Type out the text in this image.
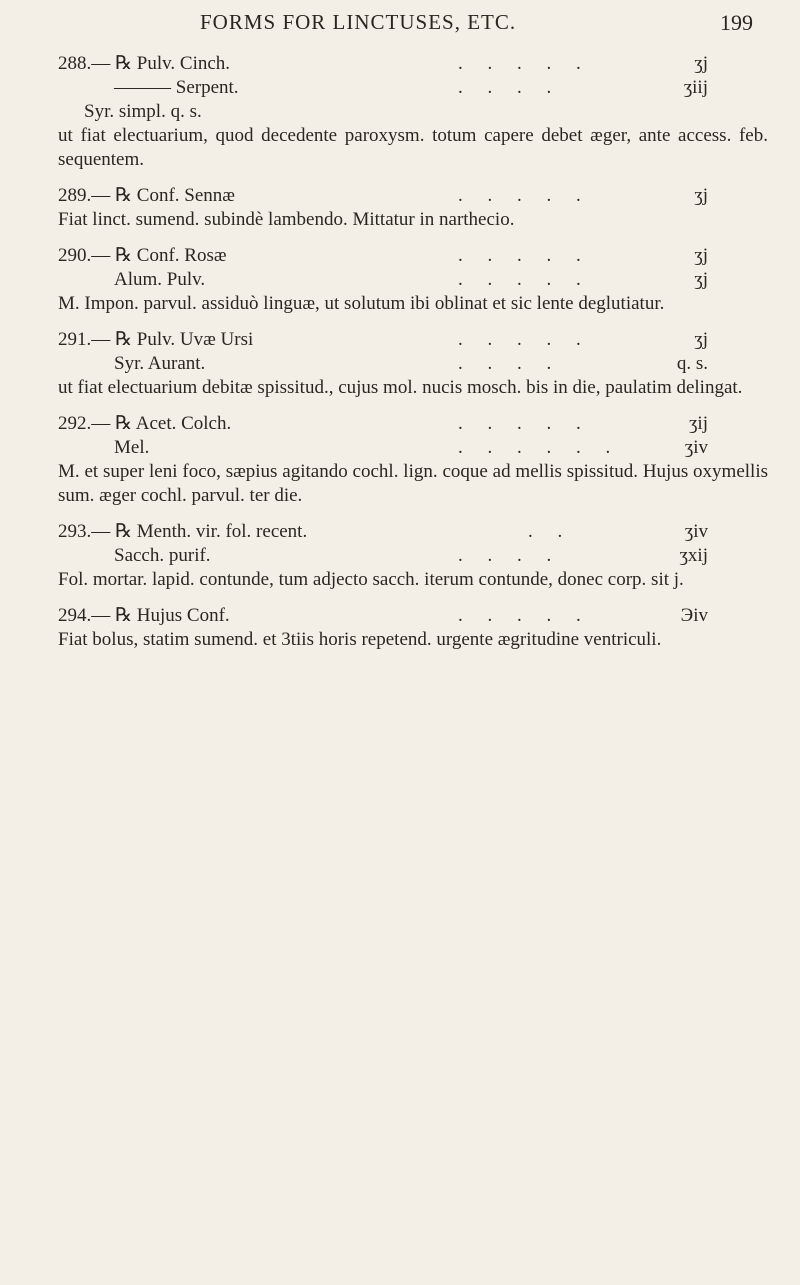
FORMS FOR LINCTUSES, ETC.	199
288.— ℞ Pulv. Cinch.	. . . . .	ʒj
——— Serpent.	. . . .	ʒiij
Syr. simpl. q. s.
ut fiat electuarium, quod decedente paroxysm. totum capere debet æger, ante access. feb. sequentem.
289.— ℞ Conf. Sennæ	. . . . .	ʒj
Fiat linct. sumend. subindè lambendo. Mittatur in narthecio.
290.— ℞ Conf. Rosæ	. . . . .	ʒj
Alum. Pulv.	. . . . .	ʒj
M. Impon. parvul. assiduò linguæ, ut solutum ibi oblinat et sic lente deglutiatur.
291.— ℞ Pulv. Uvæ Ursi	. . . . .	ʒj
Syr. Aurant.	. . . .	q. s.
ut fiat electuarium debitæ spissitud., cujus mol. nucis mosch. bis in die, paulatim delingat.
292.— ℞ Acet. Colch.	. . . . .	ʒij
Mel.	. . . . . .	ʒiv
M. et super leni foco, sæpius agitando cochl. lign. coque ad mellis spissitud. Hujus oxymellis sum. æger cochl. parvul. ter die.
293.— ℞ Menth. vir. fol. recent.	. .	ʒiv
Sacch. purif.	. . . .	ʒxij
Fol. mortar. lapid. contunde, tum adjecto sacch. iterum contunde, donec corp. sit j.
294.— ℞ Hujus Conf.	. . . . .	Эiv
Fiat bolus, statim sumend. et 3tiis horis repetend. urgente ægritudine ventriculi.
